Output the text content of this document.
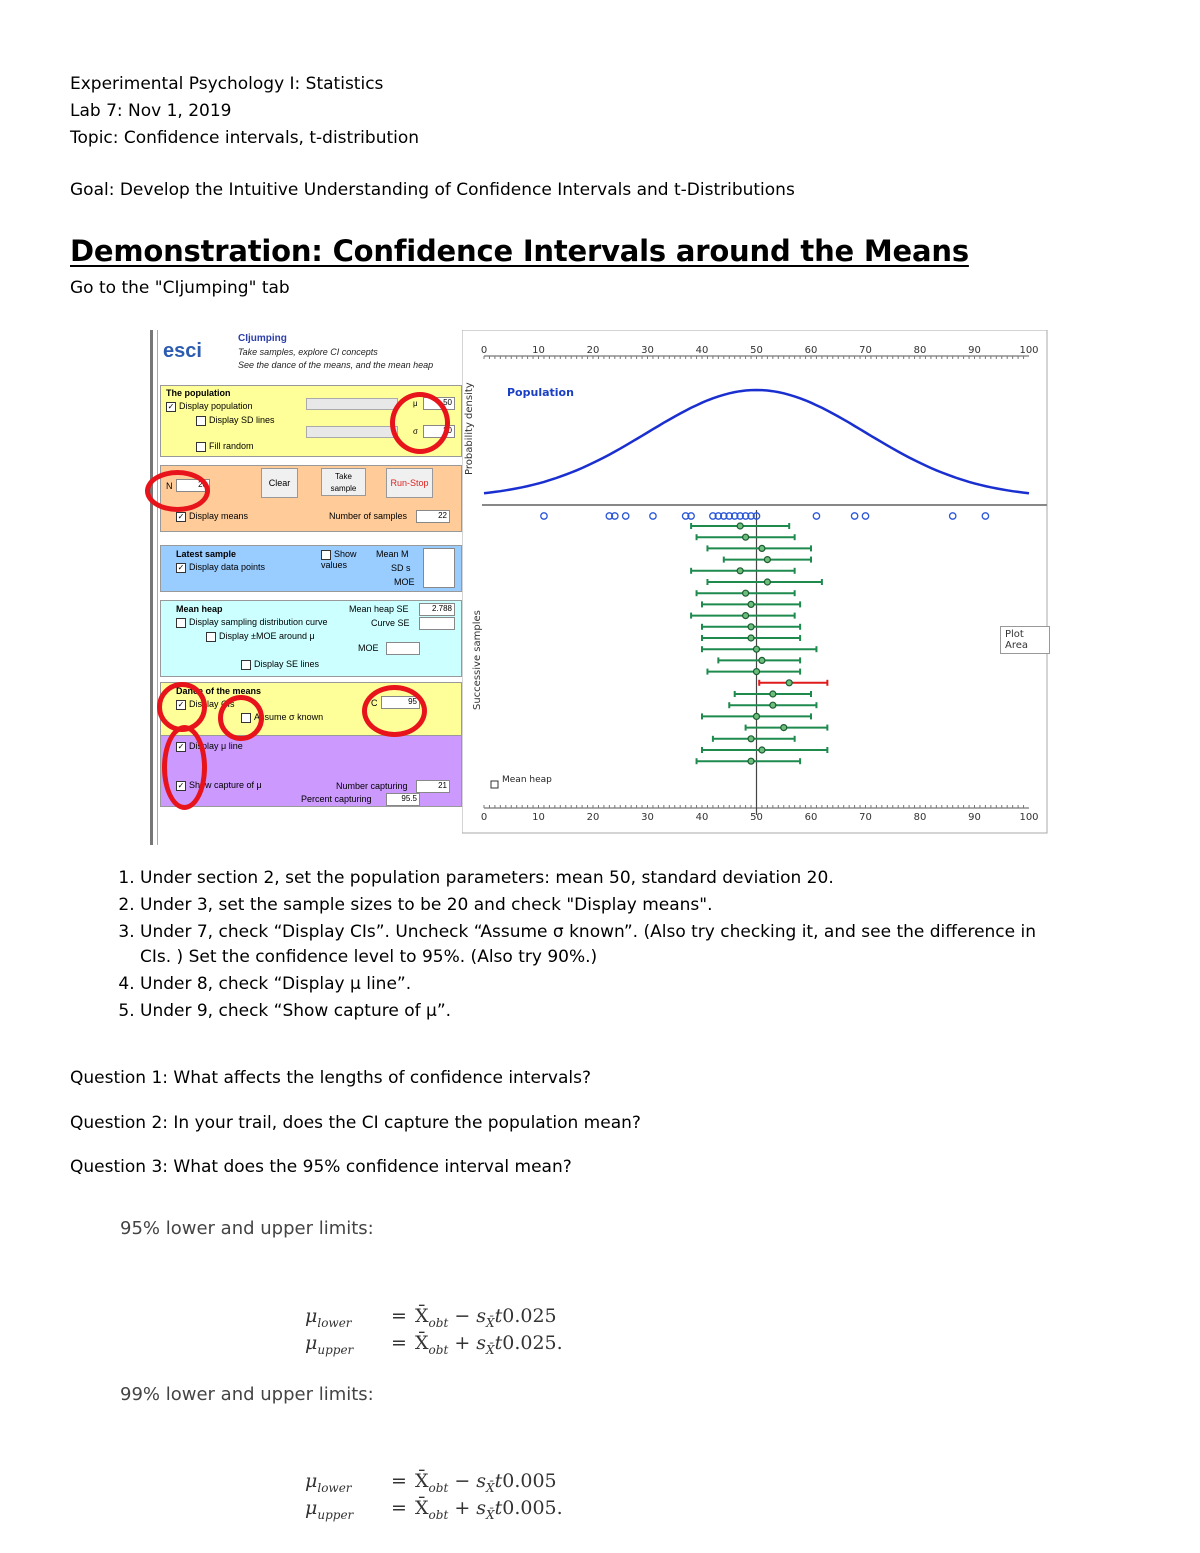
Experimental Psychology I: Statistics
Lab 7: Nov 1, 2019
Topic: Confidence intervals, t-distribution
Goal: Develop the Intuitive Understanding of Confidence Intervals and t-Distributions
Demonstration: Confidence Intervals around the Means
Go to the "CIjumping" tab
esci
CIjumping
Take samples, explore CI concepts
See the dance of the means, and the mean heap
The population
✓ Display population
Display SD lines
Fill random
μ	50
σ	20
N	20	Clear
Take sample
Run-Stop
✓ Display means	Number of samples	22
Latest sample
✓ Display data points
Show values
Mean M
SD s
MOE
Mean heap
Display sampling distribution curve
Display ±MOE around μ
Display SE lines
Mean heap SE	2.788
Curve SE
MOE
Dance of the means
✓ Display CIs
Assume σ known
C	95
✓ Display μ line
✓ Show capture of μ	Number capturing	21
Percent capturing	95.5
0	10	20	30	40	50	60	70	80	90	100
0	10	20	30	40	50	60	70	80	90	100
Probability density
Successive samples
Population
Mean heap
Plot Area
1. Under section 2, set the population parameters: mean 50, standard deviation 20.
2. Under 3, set the sample sizes to be 20 and check "Display means".
3. Under 7, check “Display CIs”. Uncheck “Assume σ known”. (Also try checking it, and see the difference in CIs. ) Set the confidence level to 95%. (Also try 90%.)
4. Under 8, check “Display μ line”.
5. Under 9, check “Show capture of μ”.
Question 1: What affects the lengths of confidence intervals?
Question 2: In your trail, does the CI capture the population mean?
Question 3: What does the 95% confidence interval mean?
95% lower and upper limits:
$\mu_{lower}$ = $X̄_{obt} - s_{X̄}t0.025$
$\mu_{upper}$ = $X̄_{obt} + s_{X̄}t0.025$.
99% lower and upper limits:
$\mu_{lower}$ = $X̄_{obt} - s_{X̄}t0.005$
$\mu_{upper}$ = $X̄_{obt} + s_{X̄}t0.005$.
